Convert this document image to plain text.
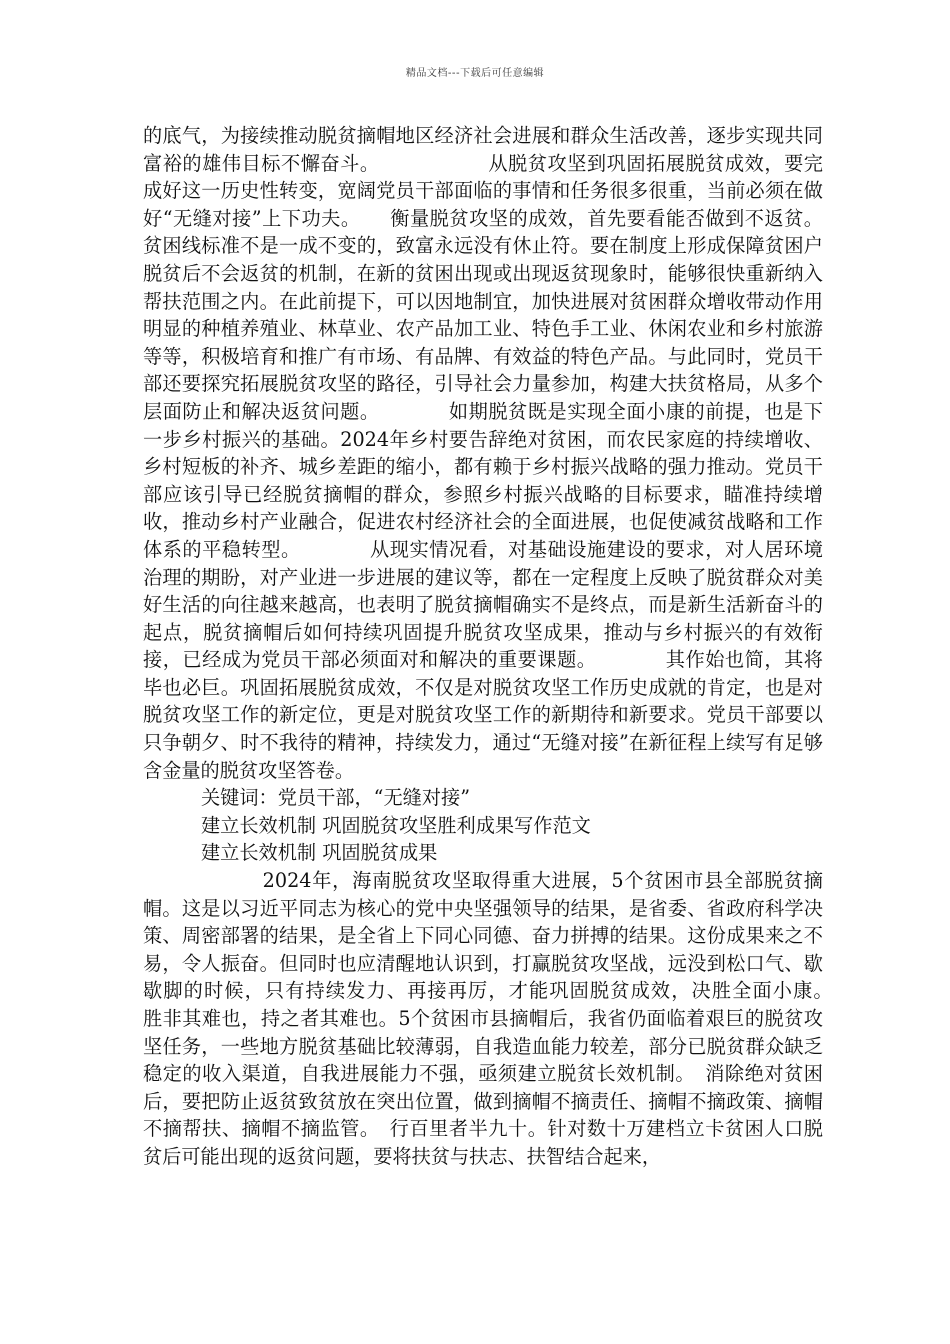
精品文档---下载后可任意编辑

的底气，为接续推动脱贫摘帽地区经济社会进展和群众生活改善，逐步实现共同富裕的雄伟目标不懈奋斗。　　　　　　从脱贫攻坚到巩固拓展脱贫成效，要完成好这一历史性转变，宽阔党员干部面临的事情和任务很多很重，当前必须在做好“无缝对接”上下功夫。　　衡量脱贫攻坚的成效，首先要看能否做到不返贫。贫困线标准不是一成不变的，致富永远没有休止符。要在制度上形成保障贫困户脱贫后不会返贫的机制，在新的贫困出现或出现返贫现象时，能够很快重新纳入帮扶范围之内。在此前提下，可以因地制宜，加快进展对贫困群众增收带动作用明显的种植养殖业、林草业、农产品加工业、特色手工业、休闲农业和乡村旅游等等，积极培育和推广有市场、有品牌、有效益的特色产品。与此同时，党员干部还要探究拓展脱贫攻坚的路径，引导社会力量参加，构建大扶贫格局，从多个层面防止和解决返贫问题。　　　　如期脱贫既是实现全面小康的前提，也是下一步乡村振兴的基础。2024年乡村要告辞绝对贫困，而农民家庭的持续增收、乡村短板的补齐、城乡差距的缩小，都有赖于乡村振兴战略的强力推动。党员干部应该引导已经脱贫摘帽的群众，参照乡村振兴战略的目标要求，瞄准持续增收，推动乡村产业融合，促进农村经济社会的全面进展，也促使减贫战略和工作体系的平稳转型。　　　　从现实情况看，对基础设施建设的要求，对人居环境治理的期盼，对产业进一步进展的建议等，都在一定程度上反映了脱贫群众对美好生活的向往越来越高，也表明了脱贫摘帽确实不是终点，而是新生活新奋斗的起点，脱贫摘帽后如何持续巩固提升脱贫攻坚成果，推动与乡村振兴的有效衔接，已经成为党员干部必须面对和解决的重要课题。　　　　其作始也简，其将毕也必巨。巩固拓展脱贫成效，不仅是对脱贫攻坚工作历史成就的肯定，也是对脱贫攻坚工作的新定位，更是对脱贫攻坚工作的新期待和新要求。党员干部要以只争朝夕、时不我待的精神，持续发力，通过“无缝对接”在新征程上续写有足够含金量的脱贫攻坚答卷。

关键词：党员干部，“无缝对接”

建立长效机制 巩固脱贫攻坚胜利成果写作范文

建立长效机制 巩固脱贫成果

　　　　　　2024年，海南脱贫攻坚取得重大进展，5个贫困市县全部脱贫摘帽。这是以习近平同志为核心的党中央坚强领导的结果，是省委、省政府科学决策、周密部署的结果，是全省上下同心同德、奋力拼搏的结果。这份成果来之不易，令人振奋。但同时也应清醒地认识到，打赢脱贫攻坚战，远没到松口气、歇歇脚的时候，只有持续发力、再接再厉，才能巩固脱贫成效，决胜全面小康。　胜非其难也，持之者其难也。5个贫困市县摘帽后，我省仍面临着艰巨的脱贫攻坚任务，一些地方脱贫基础比较薄弱，自我造血能力较差，部分已脱贫群众缺乏稳定的收入渠道，自我进展能力不强，亟须建立脱贫长效机制。　消除绝对贫困后，要把防止返贫致贫放在突出位置，做到摘帽不摘责任、摘帽不摘政策、摘帽不摘帮扶、摘帽不摘监管。　行百里者半九十。针对数十万建档立卡贫困人口脱贫后可能出现的返贫问题，要将扶贫与扶志、扶智结合起来，
